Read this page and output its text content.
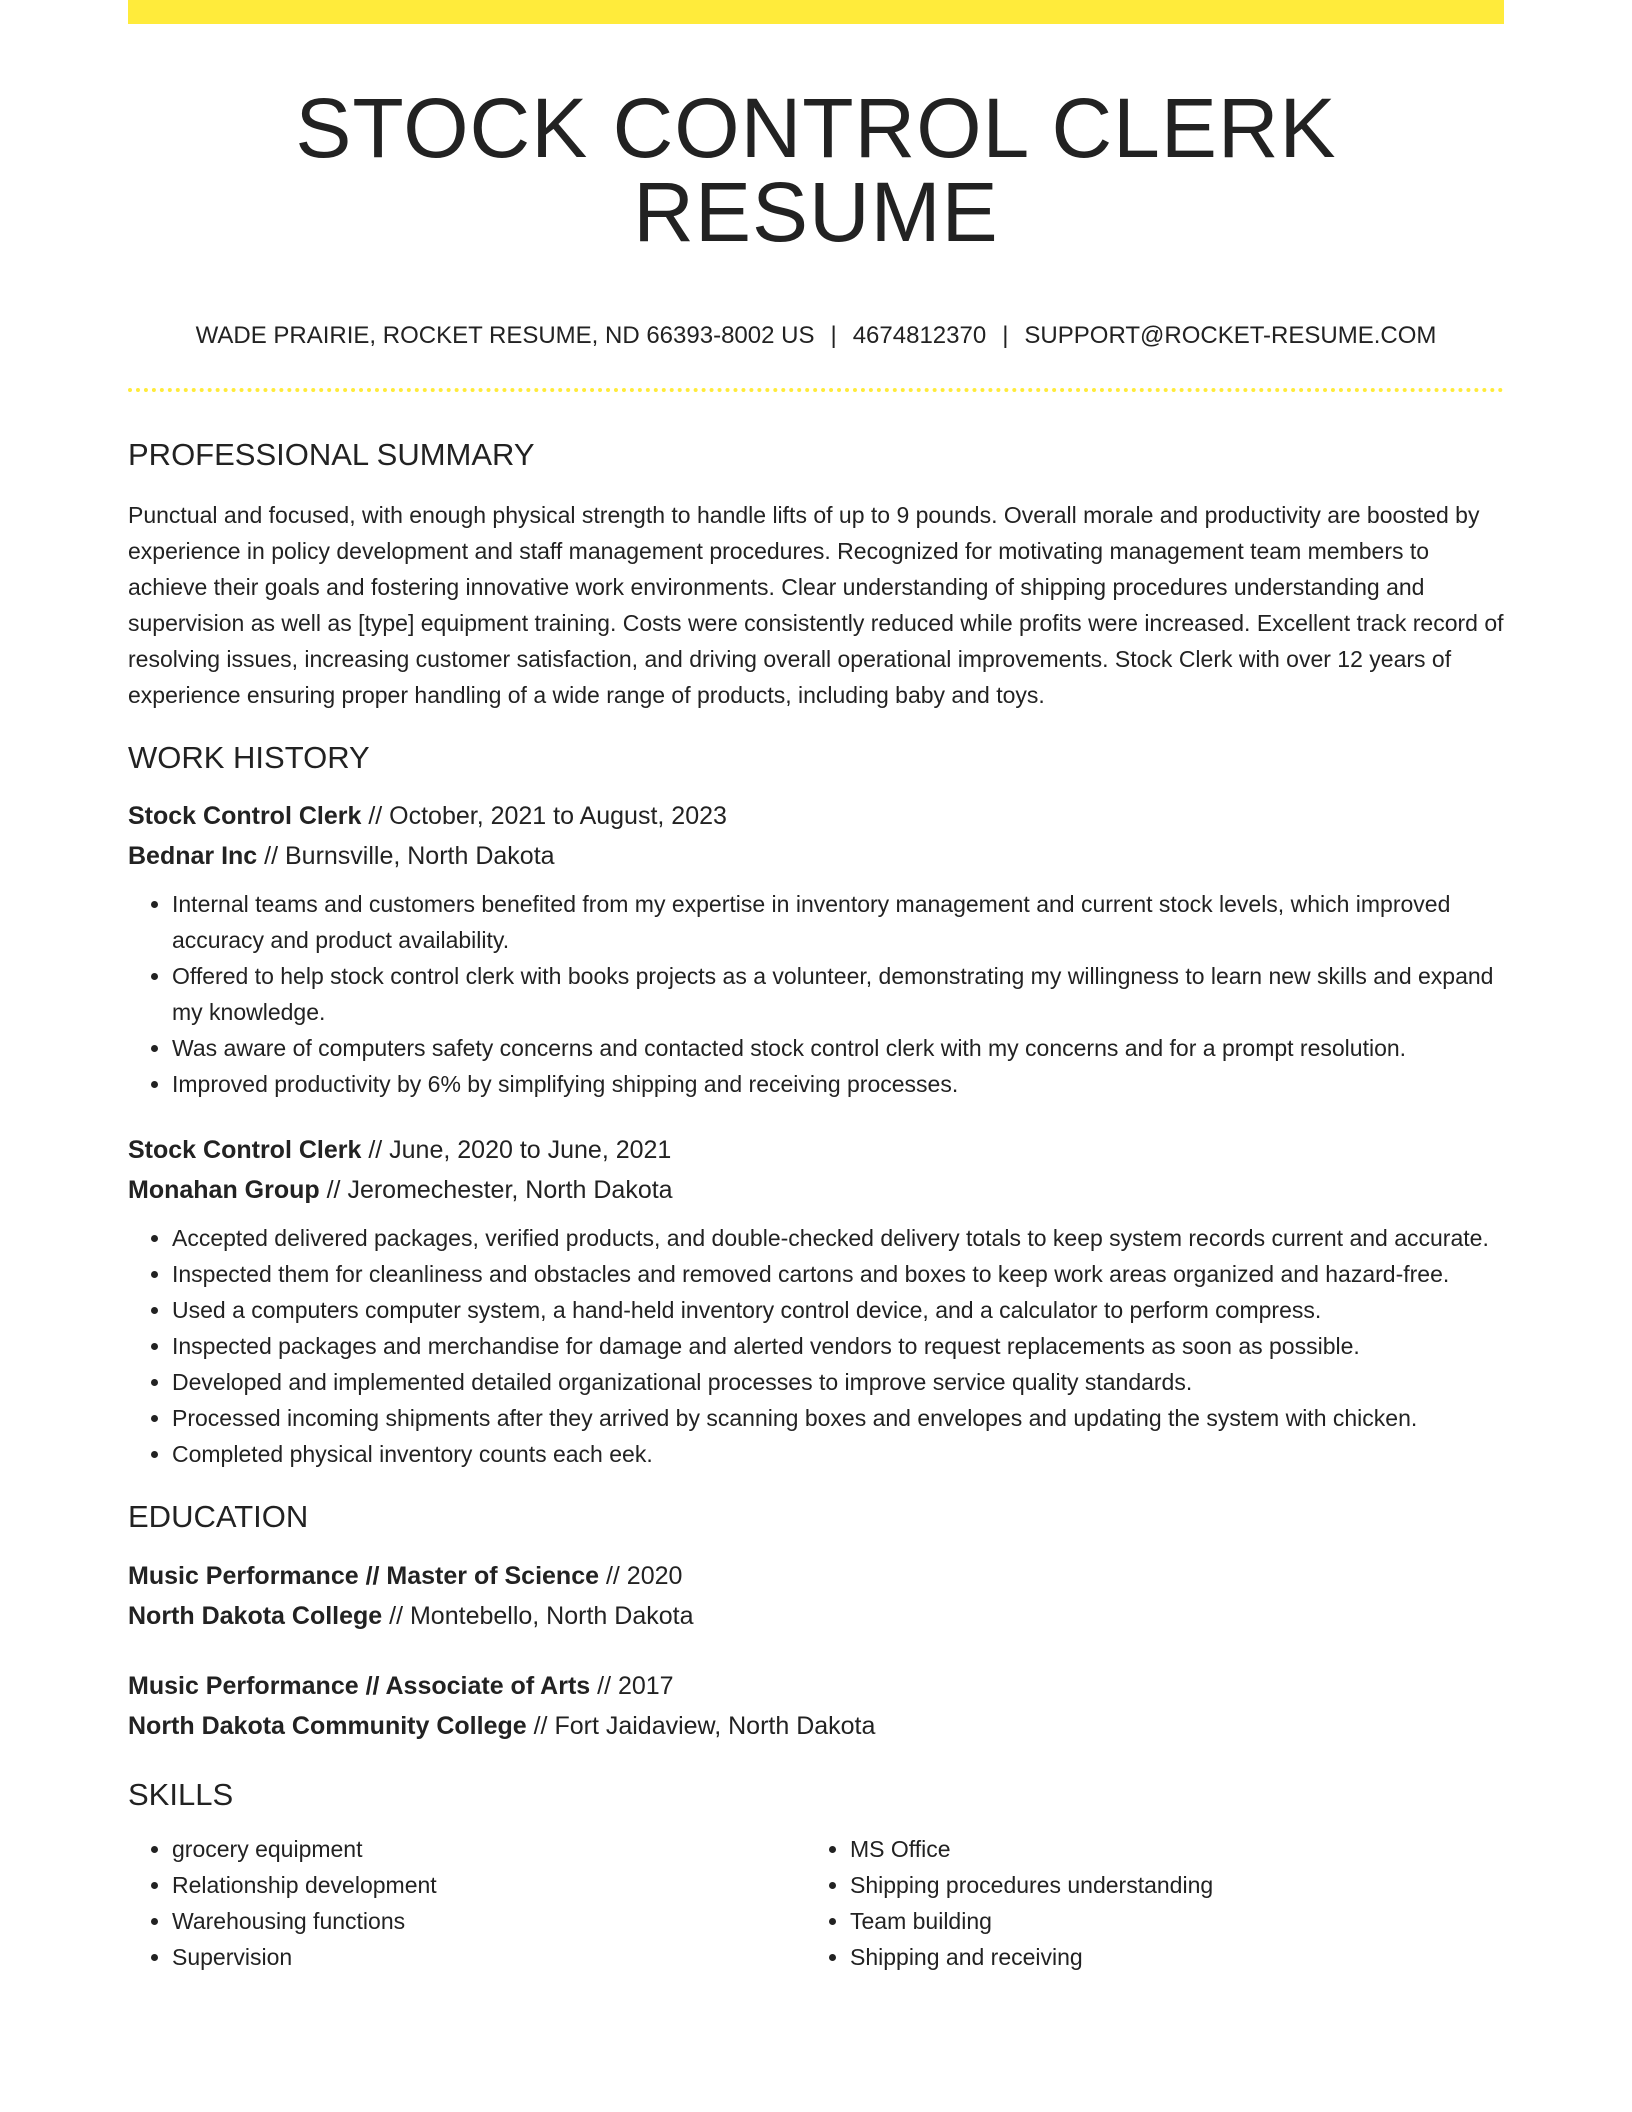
STOCK CONTROL CLERK RESUME
WADE PRAIRIE, ROCKET RESUME, ND 66393-8002 US | 4674812370 | SUPPORT@ROCKET-RESUME.COM
PROFESSIONAL SUMMARY

Punctual and focused, with enough physical strength to handle lifts of up to 9 pounds. Overall morale and productivity are boosted by experience in policy development and staff management procedures. Recognized for motivating management team members to achieve their goals and fostering innovative work environments. Clear understanding of shipping procedures understanding and supervision as well as [type] equipment training. Costs were consistently reduced while profits were increased. Excellent track record of resolving issues, increasing customer satisfaction, and driving overall operational improvements. Stock Clerk with over 12 years of experience ensuring proper handling of a wide range of products, including baby and toys.

WORK HISTORY
Stock Control Clerk // October, 2021 to August, 2023
Bednar Inc // Burnsville, North Dakota
• Internal teams and customers benefited from my expertise in inventory management and current stock levels, which improved accuracy and product availability.
• Offered to help stock control clerk with books projects as a volunteer, demonstrating my willingness to learn new skills and expand my knowledge.
• Was aware of computers safety concerns and contacted stock control clerk with my concerns and for a prompt resolution.
• Improved productivity by 6% by simplifying shipping and receiving processes.
Stock Control Clerk // June, 2020 to June, 2021
Monahan Group // Jeromechester, North Dakota
• Accepted delivered packages, verified products, and double-checked delivery totals to keep system records current and accurate.
• Inspected them for cleanliness and obstacles and removed cartons and boxes to keep work areas organized and hazard-free.
• Used a computers computer system, a hand-held inventory control device, and a calculator to perform compress.
• Inspected packages and merchandise for damage and alerted vendors to request replacements as soon as possible.
• Developed and implemented detailed organizational processes to improve service quality standards.
• Processed incoming shipments after they arrived by scanning boxes and envelopes and updating the system with chicken.
• Completed physical inventory counts each eek.
EDUCATION
Music Performance // Master of Science // 2020
North Dakota College // Montebello, North Dakota
Music Performance // Associate of Arts // 2017
North Dakota Community College // Fort Jaidaview, North Dakota
SKILLS
• grocery equipment
• Relationship development
• Warehousing functions
• Supervision
• MS Office
• Shipping procedures understanding
• Team building
• Shipping and receiving
